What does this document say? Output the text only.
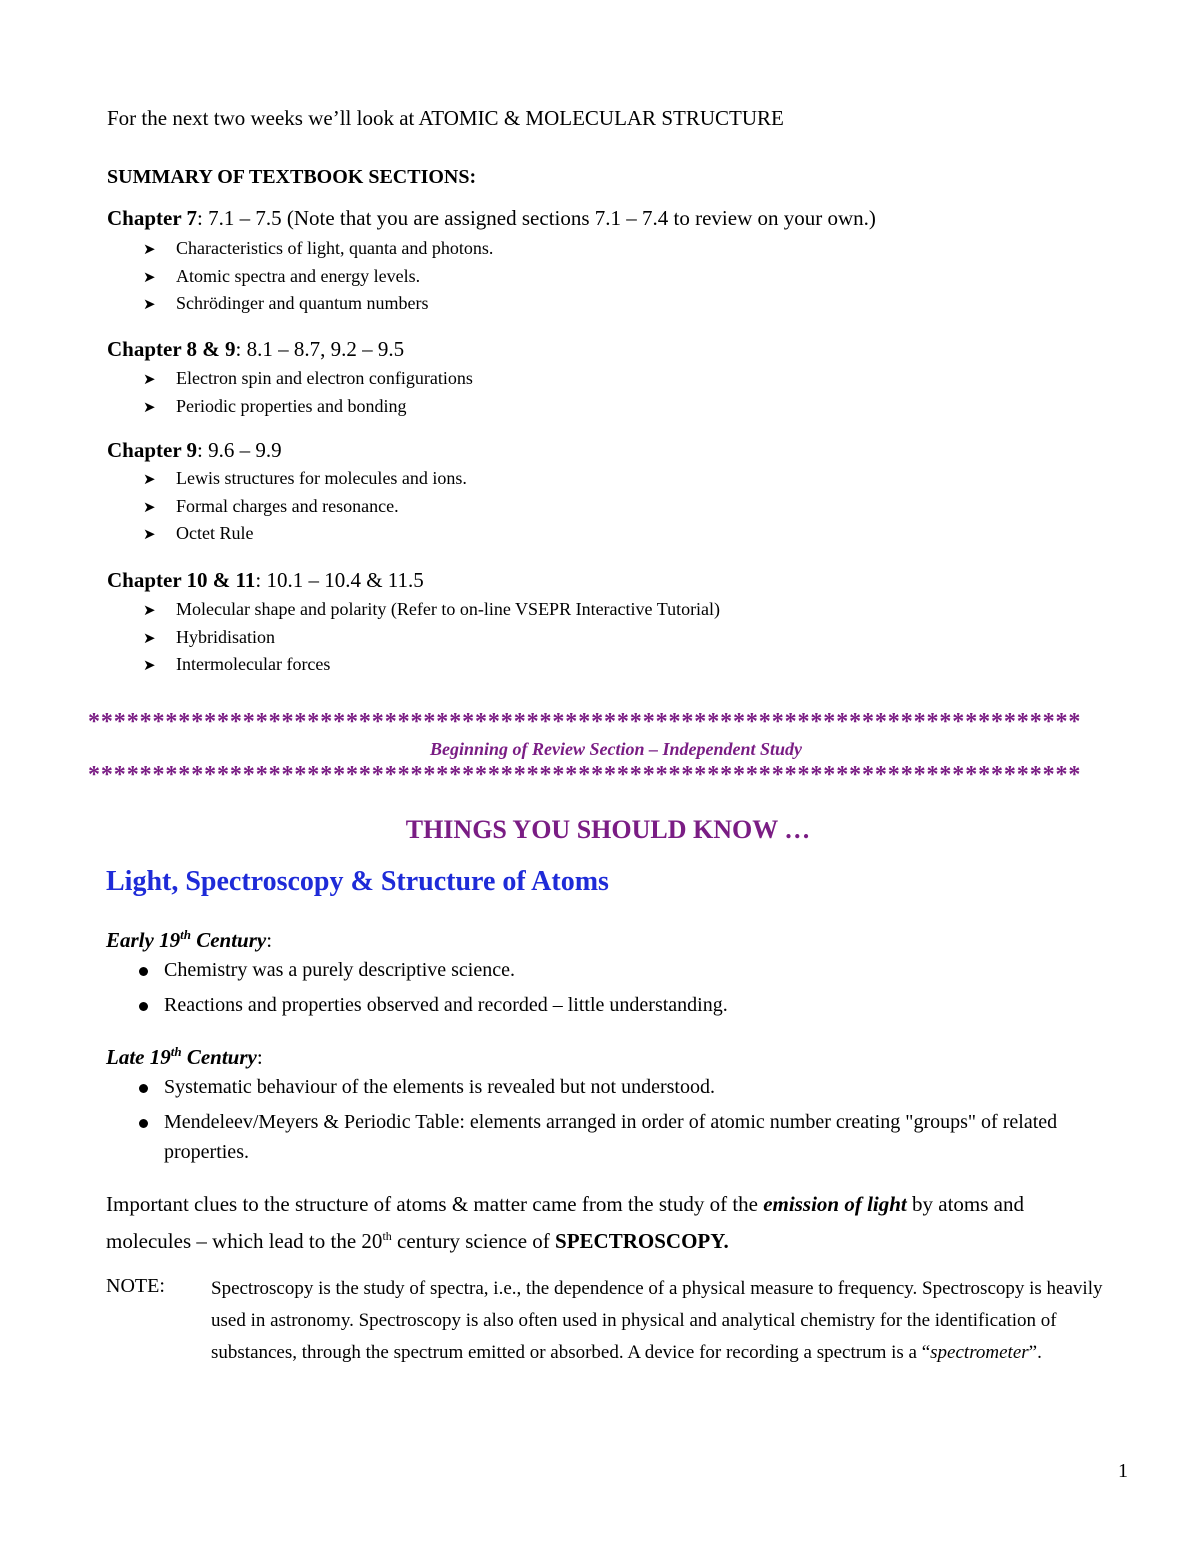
For the next two weeks we’ll look at ATOMIC & MOLECULAR STRUCTURE
SUMMARY OF TEXTBOOK SECTIONS:
Chapter 7: 7.1 – 7.5 (Note that you are assigned sections 7.1 – 7.4 to review on your own.)
➤ Characteristics of light, quanta and photons.
➤ Atomic spectra and energy levels.
➤ Schrödinger and quantum numbers
Chapter 8 & 9: 8.1 – 8.7, 9.2 – 9.5
➤ Electron spin and electron configurations
➤ Periodic properties and bonding
Chapter 9: 9.6 – 9.9
➤ Lewis structures for molecules and ions.
➤ Formal charges and resonance.
➤ Octet Rule
Chapter 10 & 11: 10.1 – 10.4 & 11.5
➤ Molecular shape and polarity (Refer to on-line VSEPR Interactive Tutorial)
➤ Hybridisation
➤ Intermolecular forces
*****************************************************************************
Beginning of Review Section – Independent Study
*****************************************************************************
THINGS YOU SHOULD KNOW …
Light, Spectroscopy & Structure of Atoms
Early 19th Century:
Chemistry was a purely descriptive science.
Reactions and properties observed and recorded – little understanding.
Late 19th Century:
Systematic behaviour of the elements is revealed but not understood.
Mendeleev/Meyers & Periodic Table: elements arranged in order of atomic number creating "groups" of related properties.
Important clues to the structure of atoms & matter came from the study of the emission of light by atoms and molecules – which lead to the 20th century science of SPECTROSCOPY.
NOTE: Spectroscopy is the study of spectra, i.e., the dependence of a physical measure to frequency. Spectroscopy is heavily used in astronomy. Spectroscopy is also often used in physical and analytical chemistry for the identification of substances, through the spectrum emitted or absorbed. A device for recording a spectrum is a “spectrometer”.
1
